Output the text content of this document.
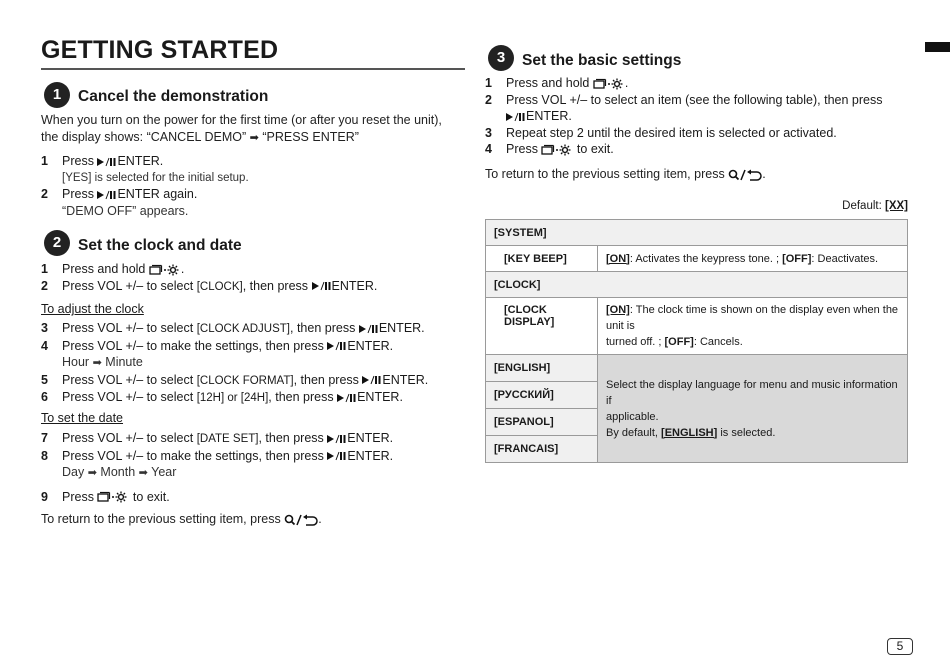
GETTING STARTED
1	Cancel the demonstration
When you turn on the power for the first time (or after you reset the unit),
the display shows: “CANCEL DEMO” ➡ “PRESS ENTER”
1	Press ENTER.
[YES] is selected for the initial setup.
2	Press ENTER again.
“DEMO OFF” appears.
2	Set the clock and date
1	Press and hold	.
2	Press VOL +/– to select [CLOCK], then press ENTER.
To adjust the clock
3	Press VOL +/– to select [CLOCK ADJUST], then press ENTER.
4	Press VOL +/– to make the settings, then press ENTER.
Hour ➡ Minute
5	Press VOL +/– to select [CLOCK FORMAT], then press ENTER.
6	Press VOL +/– to select [12H] or [24H], then press ENTER.
To set the date
7	Press VOL +/– to select [DATE SET], then press ENTER.
8	Press VOL +/– to make the settings, then press ENTER.
Day ➡ Month ➡ Year
9	Press	to exit.
To return to the previous setting item, press	.
3	Set the basic settings
1	Press and hold	.
2	Press VOL +/– to select an item (see the following table), then press
ENTER.
3	Repeat step 2 until the desired item is selected or activated.
4	Press	to exit.
To return to the previous setting item, press	.
Default: [XX]
[SYSTEM]	
[KEY BEEP]	[ON]: Activates the keypress tone. ; [OFF]: Deactivates.
[CLOCK]	
[CLOCK DISPLAY]	[ON]: The clock time is shown on the display even when the unit is
turned off. ; [OFF]: Cancels.
[ENGLISH]	Select the display language for menu and music information if
applicable.
By default, [ENGLISH] is selected.
[РУССКИЙ]	
[ESPANOL]	
[FRANCAIS]	
5
